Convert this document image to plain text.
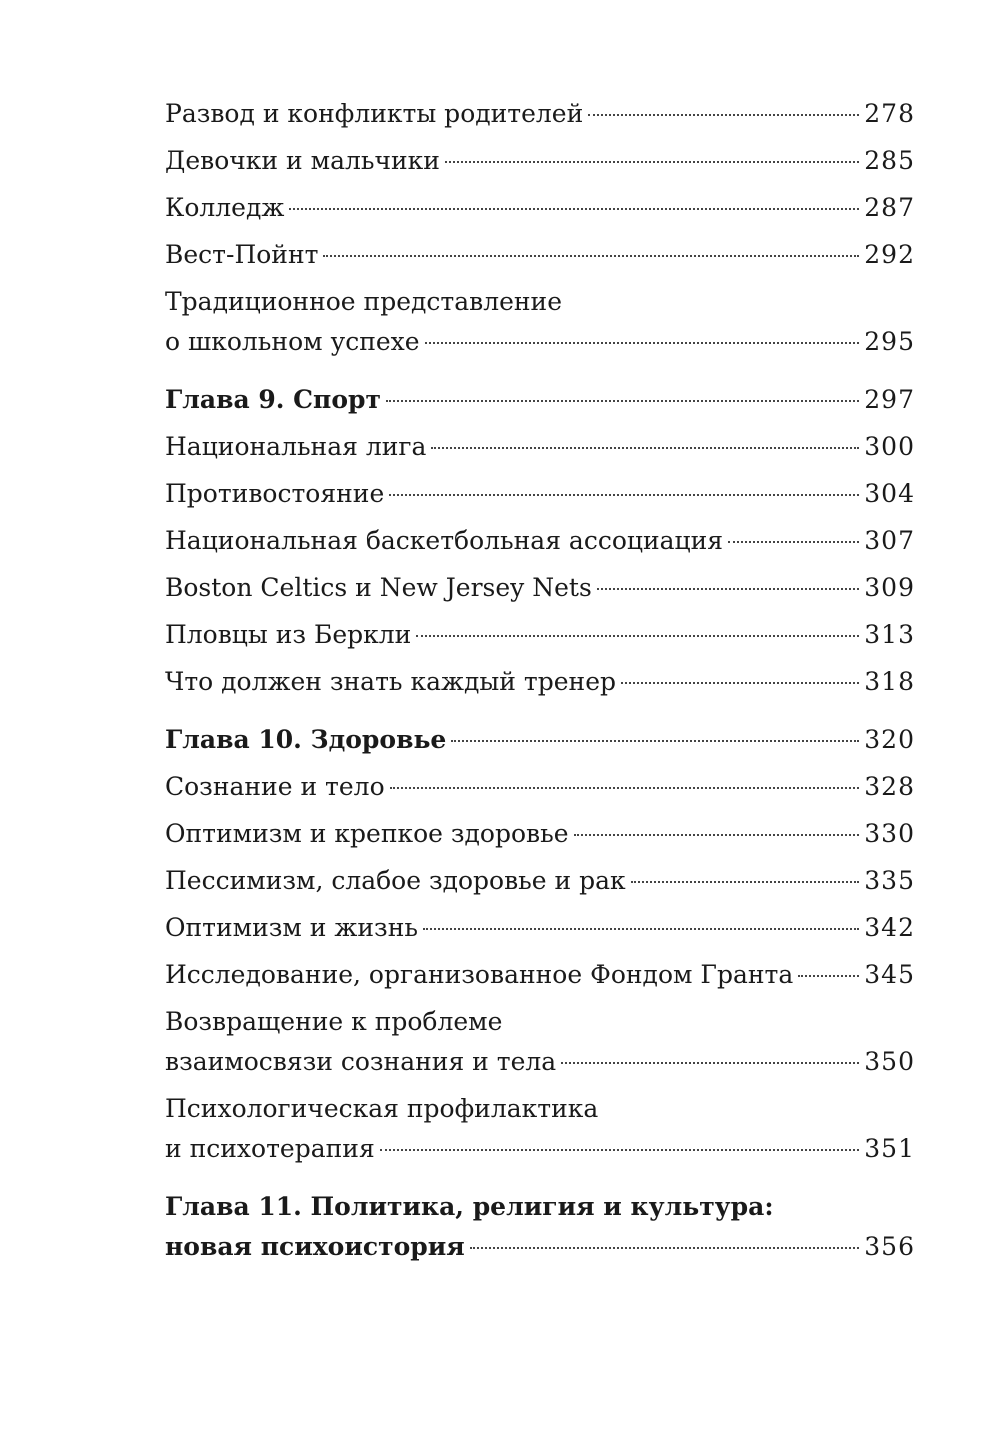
Развод и конфликты родителей	278
Девочки и мальчики	285
Колледж	287
Вест-Пойнт	292
Традиционное представление
о школьном успехе	295
Глава 9. Спорт	297
Национальная лига	300
Противостояние	304
Национальная баскетбольная ассоциация	307
Boston Celtics и New Jersey Nets	309
Пловцы из Беркли	313
Что должен знать каждый тренер	318
Глава 10. Здоровье	320
Сознание и тело	328
Оптимизм и крепкое здоровье	330
Пессимизм, слабое здоровье и рак	335
Оптимизм и жизнь	342
Исследование, организованное Фондом Гранта	345
Возвращение к проблеме
взаимосвязи сознания и тела	350
Психологическая профилактика
и психотерапия	351
Глава 11. Политика, религия и культура:
новая психоистория	356
